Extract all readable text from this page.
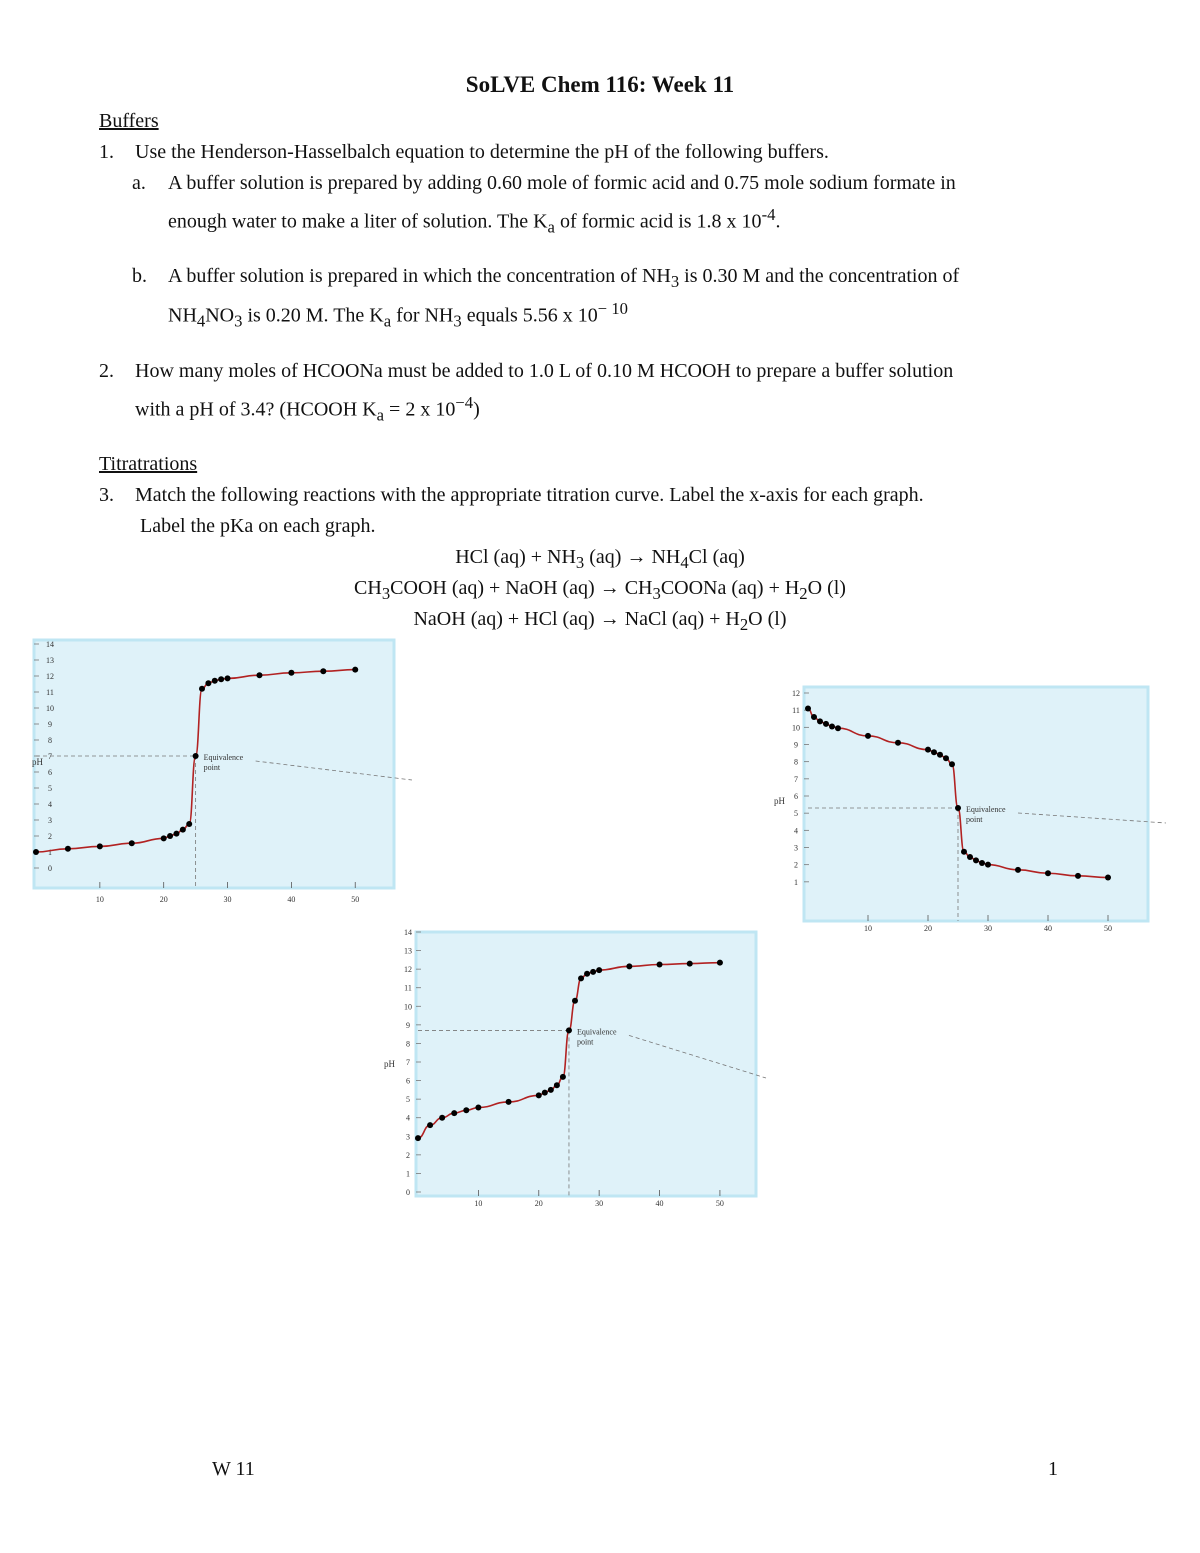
SoLVE Chem 116: Week 11
Buffers
1. Use the Henderson-Hasselbalch equation to determine the pH of the following buffers.
a. A buffer solution is prepared by adding 0.60 mole of formic acid and 0.75 mole sodium formate in
enough water to make a liter of solution. The $K_a$ of formic acid is 1.8 x $10^{-4}$.
b. A buffer solution is prepared in which the concentration of $NH_3$ is 0.30 M and the concentration of
$NH_4NO_3$ is 0.20 M. The $K_a$ for $NH_3$ equals 5.56 x $10^{- 10}$
2. How many moles of HCOONa must be added to 1.0 L of 0.10 M HCOOH to prepare a buffer solution
with a pH of 3.4? (HCOOH $K_a = 2$ x $10^{-4}$)
Titratrations
3. Match the following reactions with the appropriate titration curve. Label the x-axis for each graph.
Label the pKa on each graph.
HCl $(aq) + NH_3$ $(aq) \to NH_4Cl$ (aq)
$CH_3COOH$ (aq) + NaOH $(aq) \to CH_3COONa$ $(aq) + H_2O$ (l)
NaOH (aq) + HCl (aq) → NaCl $(aq) + H_2O$ (l)
0
1
2
3
4
5
6
7
8
9
10
11
12
13
14
pH
10	20	30	40	50
Equivalence
point
1
2
3
4
5
6
7
8
9
10
11
12
pH
10	20	30	40	50
Equivalence
point
0
1
2
3
4
5
6
7
8
9
10
11
12
13
14
pH
10	20	30	40	50
Equivalence
point
W 11	1
